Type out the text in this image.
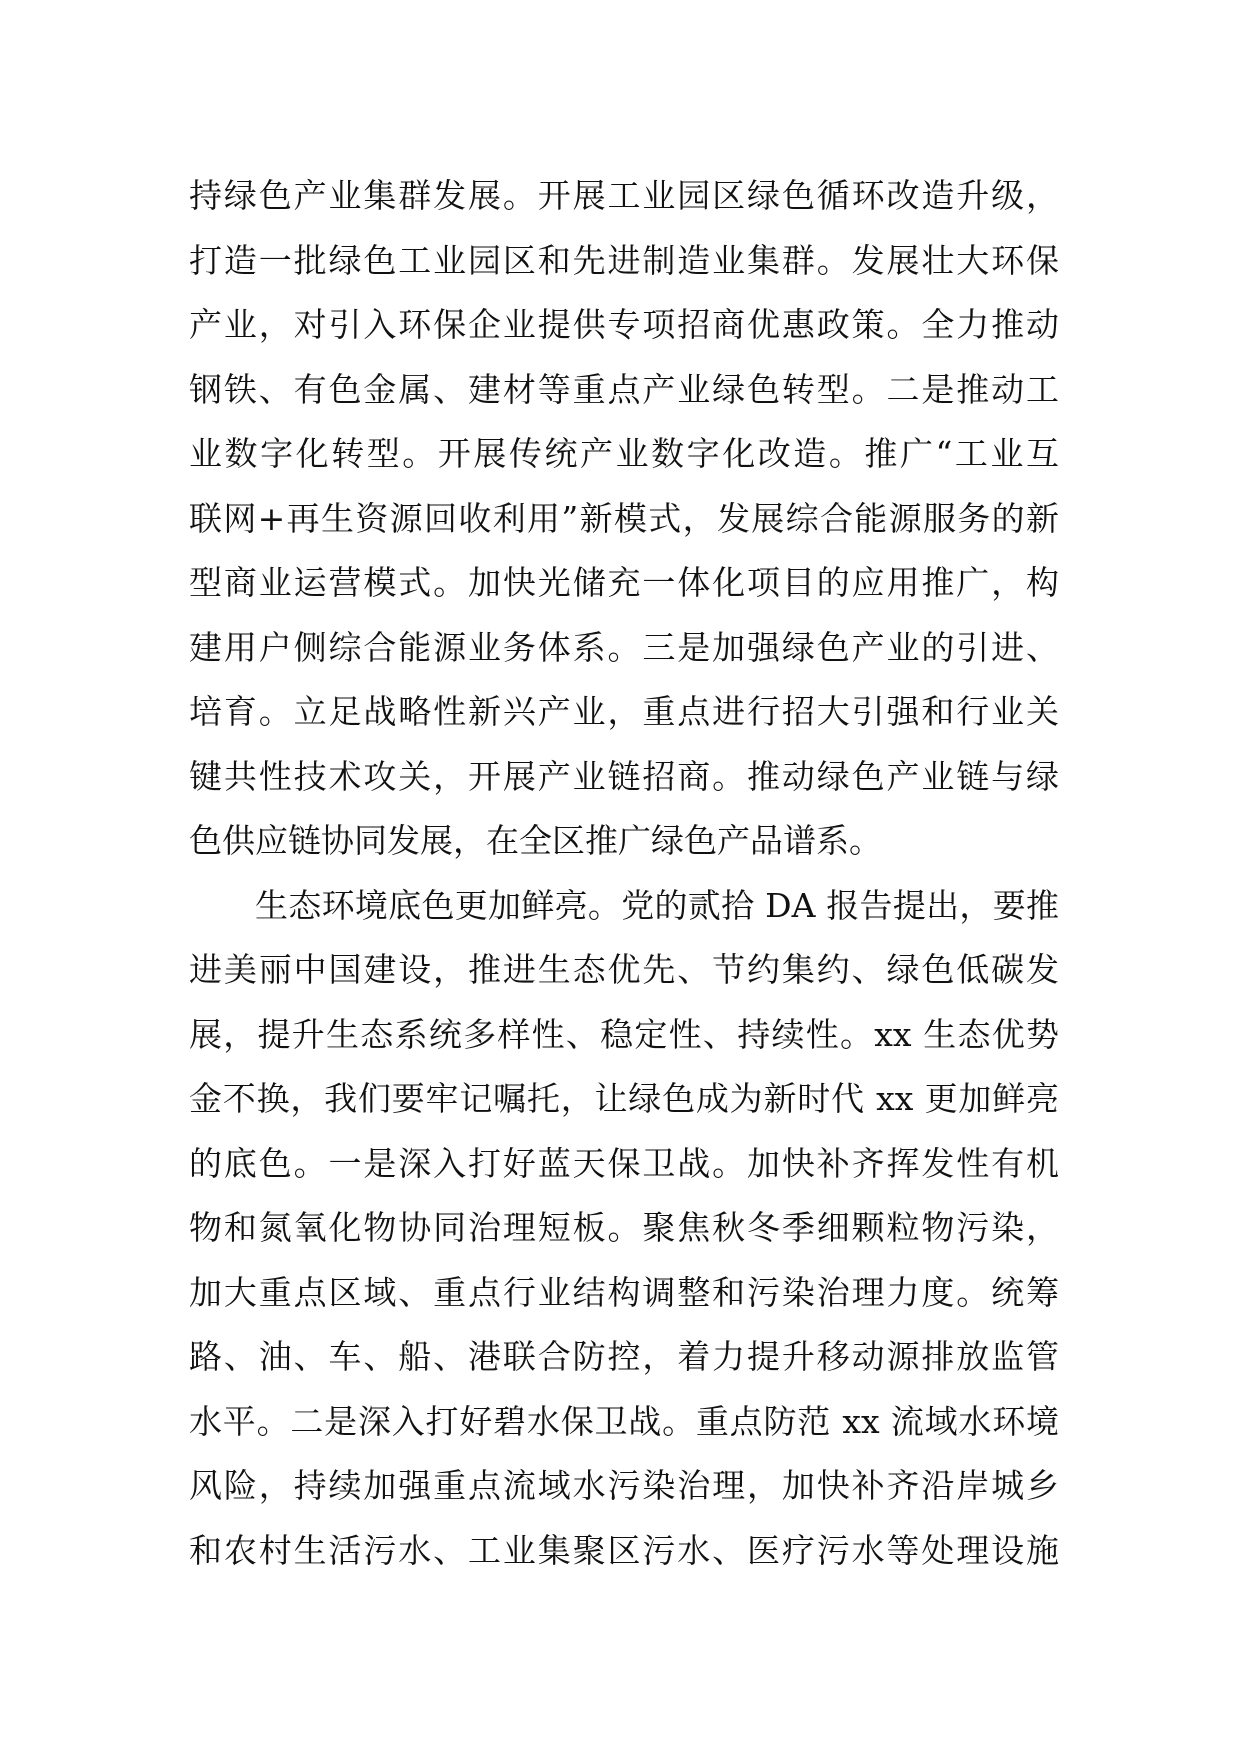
持绿色产业集群发展。开展工业园区绿色循环改造升级，
打造一批绿色工业园区和先进制造业集群。发展壮大环保
产业，对引入环保企业提供专项招商优惠政策。全力推动
钢铁、有色金属、建材等重点产业绿色转型。二是推动工
业数字化转型。开展传统产业数字化改造。推广“工业互
联网+再生资源回收利用”新模式，发展综合能源服务的新
型商业运营模式。加快光储充一体化项目的应用推广，构
建用户侧综合能源业务体系。三是加强绿色产业的引进、
培育。立足战略性新兴产业，重点进行招大引强和行业关
键共性技术攻关，开展产业链招商。推动绿色产业链与绿
色供应链协同发展，在全区推广绿色产品谱系。
生态环境底色更加鲜亮。党的贰拾 DA 报告提出，要推
进美丽中国建设，推进生态优先、节约集约、绿色低碳发
展，提升生态系统多样性、稳定性、持续性。xx 生态优势
金不换，我们要牢记嘱托，让绿色成为新时代 xx 更加鲜亮
的底色。一是深入打好蓝天保卫战。加快补齐挥发性有机
物和氮氧化物协同治理短板。聚焦秋冬季细颗粒物污染，
加大重点区域、重点行业结构调整和污染治理力度。统筹
路、油、车、船、港联合防控，着力提升移动源排放监管
水平。二是深入打好碧水保卫战。重点防范 xx 流域水环境
风险，持续加强重点流域水污染治理，加快补齐沿岸城乡
和农村生活污水、工业集聚区污水、医疗污水等处理设施
